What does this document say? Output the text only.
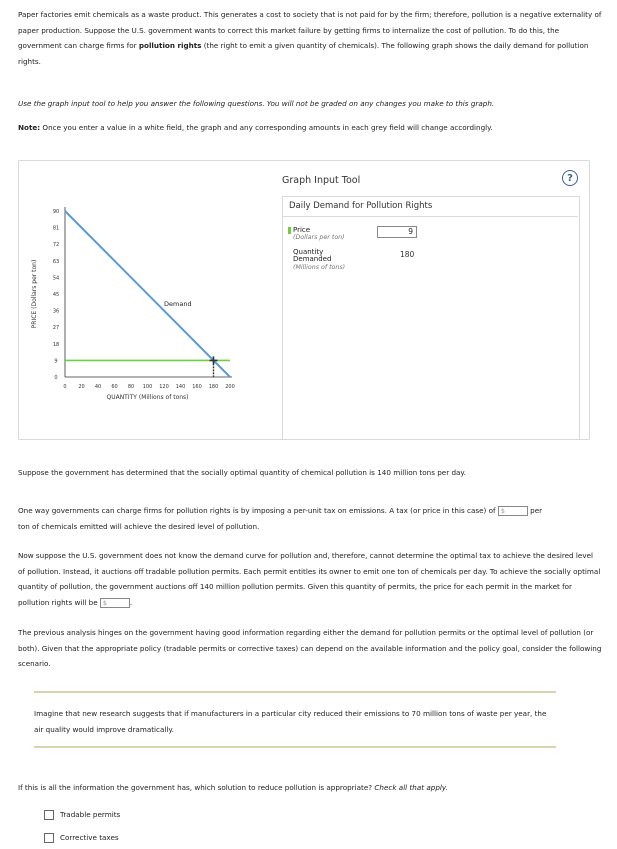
Paper factories emit chemicals as a waste product. This generates a cost to society that is not paid for by the firm; therefore, pollution is a negative externality of paper production. Suppose the U.S. government wants to correct this market failure by getting firms to internalize the cost of pollution. To do this, the government can charge firms for pollution rights (the right to emit a given quantity of chemicals). The following graph shows the daily demand for pollution rights.
Use the graph input tool to help you answer the following questions. You will not be graded on any changes you make to this graph.
Note: Once you enter a value in a white field, the graph and any corresponding amounts in each grey field will change accordingly.
0
9
18
27
36
45
54
63
72
81
90
0 20 40 60 80 100 120 140 160 180 200
QUANTITY (Millions of tons)
PRICE (Dollars per ton)	Demand
Graph Input Tool	?
Daily Demand for Pollution Rights
Price
(Dollars per ton)
9
Quantity
Demanded
(Millions of tons)
180
Suppose the government has determined that the socially optimal quantity of chemical pollution is 140 million tons per day.
One way governments can charge firms for pollution rights is by imposing a per-unit tax on emissions. A tax (or price in this case) of $	per
ton of chemicals emitted will achieve the desired level of pollution.
Now suppose the U.S. government does not know the demand curve for pollution and, therefore, cannot determine the optimal tax to achieve the desired level of pollution. Instead, it auctions off tradable pollution permits. Each permit entitles its owner to emit one ton of chemicals per day. To achieve the socially optimal quantity of pollution, the government auctions off 140 million pollution permits. Given this quantity of permits, the price for each permit in the market for pollution rights will be $	.
The previous analysis hinges on the government having good information regarding either the demand for pollution permits or the optimal level of pollution (or both). Given that the appropriate policy (tradable permits or corrective taxes) can depend on the available information and the policy goal, consider the following scenario.
Imagine that new research suggests that if manufacturers in a particular city reduced their emissions to 70 million tons of waste per year, the air quality would improve dramatically.
If this is all the information the government has, which solution to reduce pollution is appropriate? Check all that apply.
Tradable permits
Corrective taxes
